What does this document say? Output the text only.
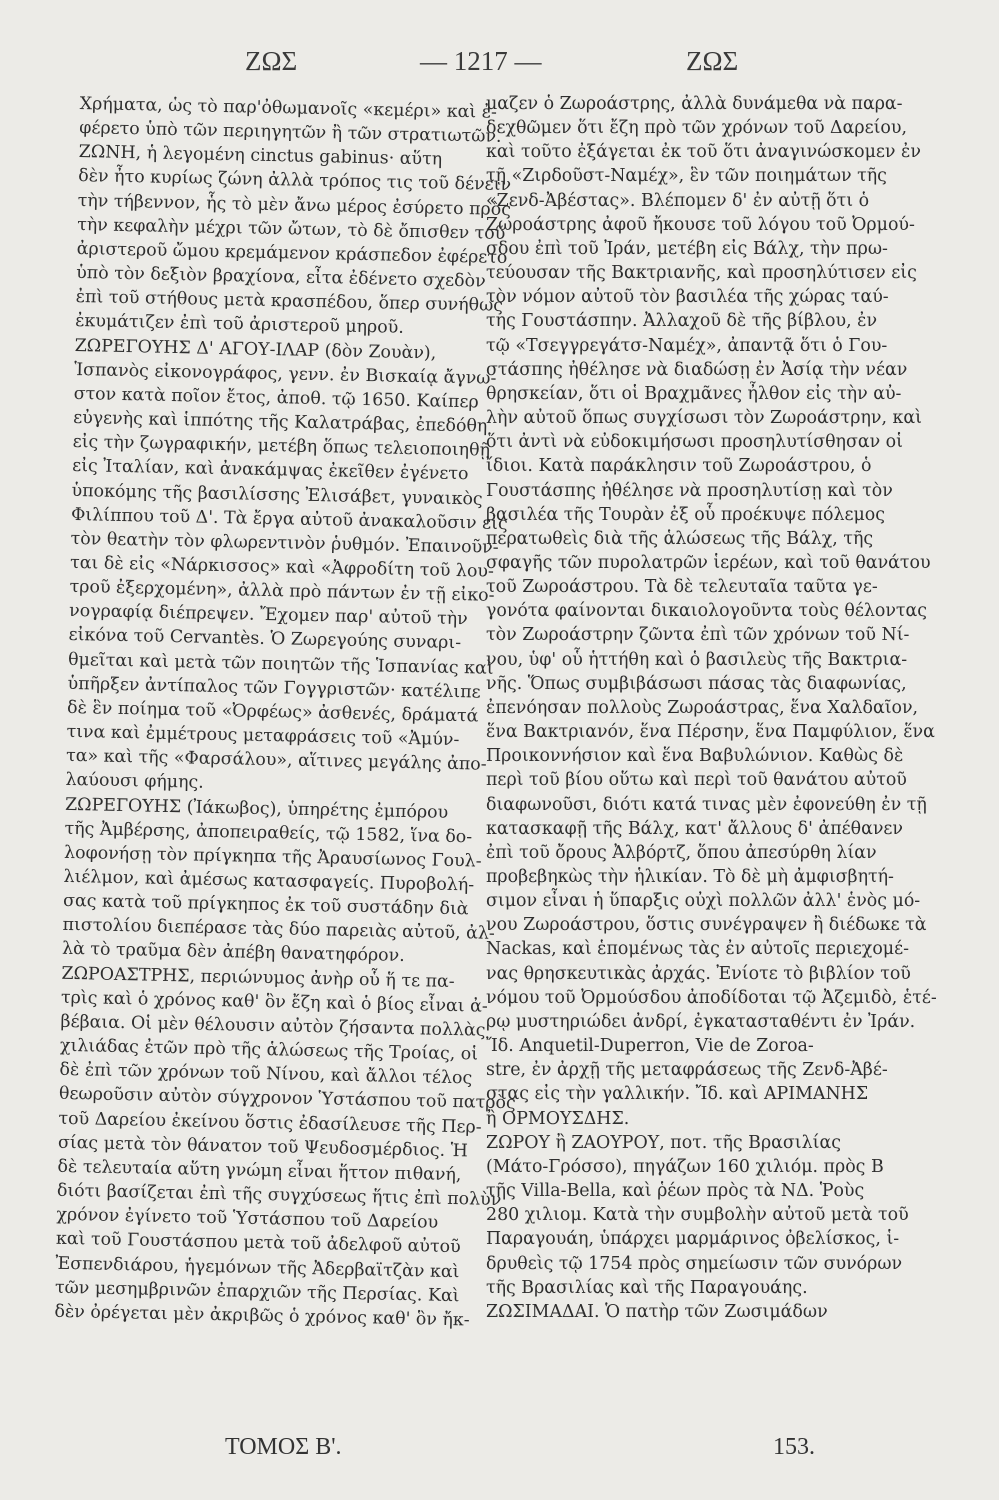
ΖΩΣ	— 1217 —	ΖΩΣ
Χρήματα, ὡς τὸ παρ'ὀθωμανοῖς «κεμέρι» καὶ ἐ-
φέρετο ὑπὸ τῶν περιηγητῶν ἢ τῶν στρατιωτῶν.
ΖΩΝΗ, ἡ λεγομένη cinctus gabinus· αὕτη
δὲν ἦτο κυρίως ζώνη ἀλλὰ τρόπος τις τοῦ δένειν
τὴν τήβεννον, ἧς τὸ μὲν ἄνω μέρος ἐσύρετο πρὸς
τὴν κεφαλὴν μέχρι τῶν ὤτων, τὸ δὲ ὄπισθεν τοῦ
ἀριστεροῦ ὤμου κρεμάμενον κράσπεδον ἐφέρετο
ὑπὸ τὸν δεξιὸν βραχίονα, εἶτα ἐδένετο σχεδὸν
ἐπὶ τοῦ στήθους μετὰ κρασπέδου, ὅπερ συνήθως
ἐκυμάτιζεν ἐπὶ τοῦ ἀριστεροῦ μηροῦ.
ΖΩΡΕΓΟΥΗΣ Δ' ΑΓΟΥ-ΙΛΑΡ (δὸν Ζουὰν),
Ἱσπανὸς εἰκονογράφος, γενν. ἐν Βισκαίᾳ ἄγνω-
στον κατὰ ποῖον ἔτος, ἀποθ. τῷ 1650. Καίπερ
εὐγενὴς καὶ ἱππότης τῆς Καλατράβας, ἐπεδόθη
εἰς τὴν ζωγραφικήν, μετέβη ὅπως τελειοποιηθῇ
εἰς Ἰταλίαν, καὶ ἀνακάμψας ἐκεῖθεν ἐγένετο
ὑποκόμης τῆς βασιλίσσης Ἐλισάβετ, γυναικὸς
Φιλίππου τοῦ Δ'. Τὰ ἔργα αὐτοῦ ἀνακαλοῦσιν εἰς
τὸν θεατὴν τὸν φλωρεντινὸν ῥυθμόν. Ἐπαινοῦν-
ται δὲ εἰς «Νάρκισσος» καὶ «Ἀφροδίτη τοῦ λου-
τροῦ ἐξερχομένη», ἀλλὰ πρὸ πάντων ἐν τῇ εἰκο-
νογραφίᾳ διέπρεψεν. Ἔχομεν παρ' αὐτοῦ τὴν
εἰκόνα τοῦ Cervantès. Ὁ Ζωρεγούης συναρι-
θμεῖται καὶ μετὰ τῶν ποιητῶν τῆς Ἱσπανίας καὶ
ὑπῆρξεν ἀντίπαλος τῶν Γογγριστῶν· κατέλιπε
δὲ ἓν ποίημα τοῦ «Ὀρφέως» ἀσθενές, δράματά
τινα καὶ ἐμμέτρους μεταφράσεις τοῦ «Ἀμύν-
τα» καὶ τῆς «Φαρσάλου», αἵτινες μεγάλης ἀπο-
λαύουσι φήμης.
ΖΩΡΕΓΟΥΗΣ (Ἰάκωβος), ὑπηρέτης ἐμπόρου
τῆς Ἀμβέρσης, ἀποπειραθείς, τῷ 1582, ἵνα δο-
λοφονήσῃ τὸν πρίγκηπα τῆς Ἀραυσίωνος Γουλ-
λιέλμον, καὶ ἀμέσως κατασφαγείς. Πυροβολή-
σας κατὰ τοῦ πρίγκηπος ἐκ τοῦ συστάδην διὰ
πιστολίου διεπέρασε τὰς δύο παρειὰς αὐτοῦ, ἀλ-
λὰ τὸ τραῦμα δὲν ἀπέβη θανατηφόρον.
ΖΩΡΟΑΣΤΡΗΣ, περιώνυμος ἀνὴρ οὗ ἥ τε πα-
τρὶς καὶ ὁ χρόνος καθ' ὃν ἔζη καὶ ὁ βίος εἶναι ἀ-
βέβαια. Οἱ μὲν θέλουσιν αὐτὸν ζήσαντα πολλὰς
χιλιάδας ἐτῶν πρὸ τῆς ἁλώσεως τῆς Τροίας, οἱ
δὲ ἐπὶ τῶν χρόνων τοῦ Νίνου, καὶ ἄλλοι τέλος
θεωροῦσιν αὐτὸν σύγχρονον Ὑστάσπου τοῦ πατρὸς
τοῦ Δαρείου ἐκείνου ὅστις ἐδασίλευσε τῆς Περ-
σίας μετὰ τὸν θάνατον τοῦ Ψευδοσμέρδιος. Ἡ
δὲ τελευταία αὕτη γνώμη εἶναι ἥττον πιθανή,
διότι βασίζεται ἐπὶ τῆς συγχύσεως ἥτις ἐπὶ πολὺν
χρόνον ἐγίνετο τοῦ Ὑστάσπου τοῦ Δαρείου
καὶ τοῦ Γουστάσπου μετὰ τοῦ ἀδελφοῦ αὐτοῦ
Ἐσπενδιάρου, ἡγεμόνων τῆς Ἀδερβαϊτζὰν καὶ
τῶν μεσημβρινῶν ἐπαρχιῶν τῆς Περσίας. Καὶ
δὲν ὀρέγεται μὲν ἀκριβῶς ὁ χρόνος καθ' ὃν ἤκ-
μαζεν ὁ Ζωροάστρης, ἀλλὰ δυνάμεθα νὰ παρα-
δεχθῶμεν ὅτι ἔζη πρὸ τῶν χρόνων τοῦ Δαρείου,
καὶ τοῦτο ἐξάγεται ἐκ τοῦ ὅτι ἀναγινώσκομεν ἐν
τῇ «Ζιρδοῦστ-Ναμέχ», ἓν τῶν ποιημάτων τῆς
«Ζενδ-Ἀβέστας». Βλέπομεν δ' ἐν αὐτῇ ὅτι ὁ
Ζωροάστρης ἀφοῦ ἤκουσε τοῦ λόγου τοῦ Ὀρμού-
σδου ἐπὶ τοῦ Ἰράν, μετέβη εἰς Βάλχ, τὴν πρω-
τεύουσαν τῆς Βακτριανῆς, καὶ προσηλύτισεν εἰς
τὸν νόμον αὐτοῦ τὸν βασιλέα τῆς χώρας ταύ-
της Γουστάσπην. Ἀλλαχοῦ δὲ τῆς βίβλου, ἐν
τῷ «Τσεγγρεγάτσ-Ναμέχ», ἀπαντᾷ ὅτι ὁ Γου-
στάσπης ἠθέλησε νὰ διαδώσῃ ἐν Ἀσίᾳ τὴν νέαν
θρησκείαν, ὅτι οἱ Βραχμᾶνες ἦλθον εἰς τὴν αὐ-
λὴν αὐτοῦ ὅπως συγχίσωσι τὸν Ζωροάστρην, καὶ
ὅτι ἀντὶ νὰ εὐδοκιμήσωσι προσηλυτίσθησαν οἱ
ἴδιοι. Κατὰ παράκλησιν τοῦ Ζωροάστρου, ὁ
Γουστάσπης ἠθέλησε νὰ προσηλυτίσῃ καὶ τὸν
βασιλέα τῆς Τουρὰν ἐξ οὗ προέκυψε πόλεμος
περατωθεὶς διὰ τῆς ἁλώσεως τῆς Βάλχ, τῆς
σφαγῆς τῶν πυρολατρῶν ἱερέων, καὶ τοῦ θανάτου
τοῦ Ζωροάστρου. Τὰ δὲ τελευταῖα ταῦτα γε-
γονότα φαίνονται δικαιολογοῦντα τοὺς θέλοντας
τὸν Ζωροάστρην ζῶντα ἐπὶ τῶν χρόνων τοῦ Νί-
νου, ὑφ' οὗ ἡττήθη καὶ ὁ βασιλεὺς τῆς Βακτρια-
νῆς. Ὅπως συμβιβάσωσι πάσας τὰς διαφωνίας,
ἐπενόησαν πολλοὺς Ζωροάστρας, ἕνα Χαλδαῖον,
ἕνα Βακτριανόν, ἕνα Πέρσην, ἕνα Παμφύλιον, ἕνα
Προικοννήσιον καὶ ἕνα Βαβυλώνιον. Καθὼς δὲ
περὶ τοῦ βίου οὕτω καὶ περὶ τοῦ θανάτου αὐτοῦ
διαφωνοῦσι, διότι κατά τινας μὲν ἐφονεύθη ἐν τῇ
κατασκαφῇ τῆς Βάλχ, κατ' ἄλλους δ' ἀπέθανεν
ἐπὶ τοῦ ὄρους Ἀλβόρτζ, ὅπου ἀπεσύρθη λίαν
προβεβηκὼς τὴν ἡλικίαν. Τὸ δὲ μὴ ἀμφισβητή-
σιμον εἶναι ἡ ὕπαρξις οὐχὶ πολλῶν ἀλλ' ἑνὸς μό-
νου Ζωροάστρου, ὅστις συνέγραψεν ἢ διέδωκε τὰ
Nackas, καὶ ἑπομένως τὰς ἐν αὐτοῖς περιεχομέ-
νας θρησκευτικὰς ἀρχάς. Ἐνίοτε τὸ βιβλίον τοῦ
νόμου τοῦ Ὀρμούσδου ἀποδίδοται τῷ Ἀζεμιδὸ, ἑτέ-
ρῳ μυστηριώδει ἀνδρί, ἐγκατασταθέντι ἐν Ἰράν.
Ἴδ. Anquetil-Duperron, Vie de Zoroa-
stre, ἐν ἀρχῇ τῆς μεταφράσεως τῆς Ζενδ-Ἀβέ-
στας εἰς τὴν γαλλικήν. Ἴδ. καὶ ΑΡΙΜΑΝΗΣ
ἢ ΟΡΜΟΥΣΔΗΣ.
ΖΩΡΟΥ ἢ ΖΑΟΥΡΟΥ, ποτ. τῆς Βρασιλίας
(Μάτο-Γρόσσο), πηγάζων 160 χιλιόμ. πρὸς Β
τῆς Villa-Bella, καὶ ῥέων πρὸς τὰ ΝΔ. Ῥοὺς
280 χιλιομ. Κατὰ τὴν συμβολὴν αὐτοῦ μετὰ τοῦ
Παραγουάη, ὑπάρχει μαρμάρινος ὀβελίσκος, ἱ-
δρυθεὶς τῷ 1754 πρὸς σημείωσιν τῶν συνόρων
τῆς Βρασιλίας καὶ τῆς Παραγουάης.
ΖΩΣΙΜΑΔΑΙ. Ὁ πατὴρ τῶν Ζωσιμάδων
ΤΟΜΟΣ Β'.	153.
